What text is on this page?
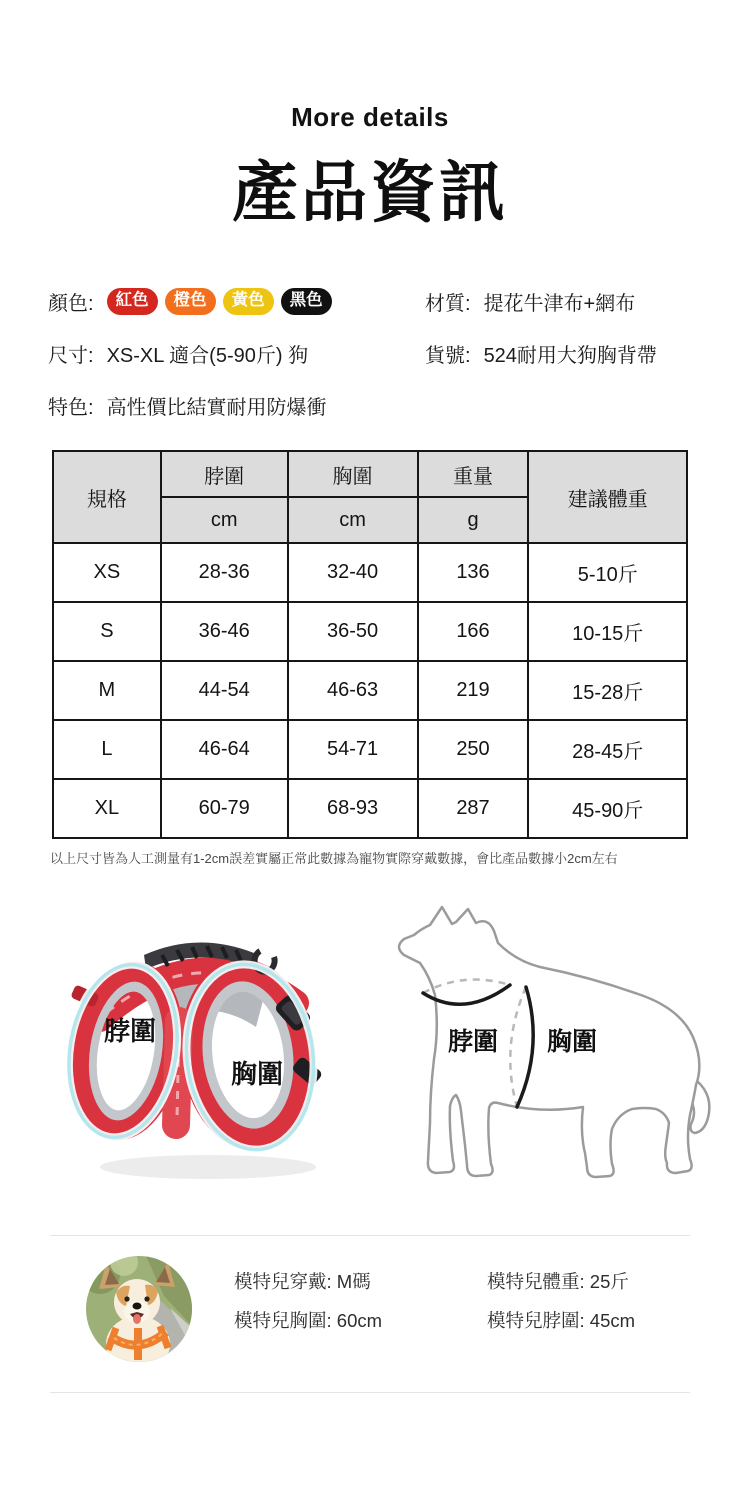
More details
產品資訊
顏色:	紅色	橙色	黃色	黑色	材質: 提花牛津布+網布
尺寸: XS-XL 適合(5-90斤) 狗	貨號: 524耐用大狗胸背帶
特色: 高性價比結實耐用防爆衝
規格	脖圍	胸圍	重量	建議體重
	cm	cm	g	
XS	28-36	32-40	136	5-10斤
S	36-46	36-50	166	10-15斤
M	44-54	46-63	219	15-28斤
L	46-64	54-71	250	28-45斤
XL	60-79	68-93	287	45-90斤
以上尺寸皆為人工測量有1-2cm誤差實屬正常此數據為寵物實際穿戴數據，會比產品數據小2cm左右
脖圍
胸圍
脖圍 胸圍
模特兒穿戴: M碼	模特兒體重: 25斤
模特兒胸圍: 60cm	模特兒脖圍: 45cm
